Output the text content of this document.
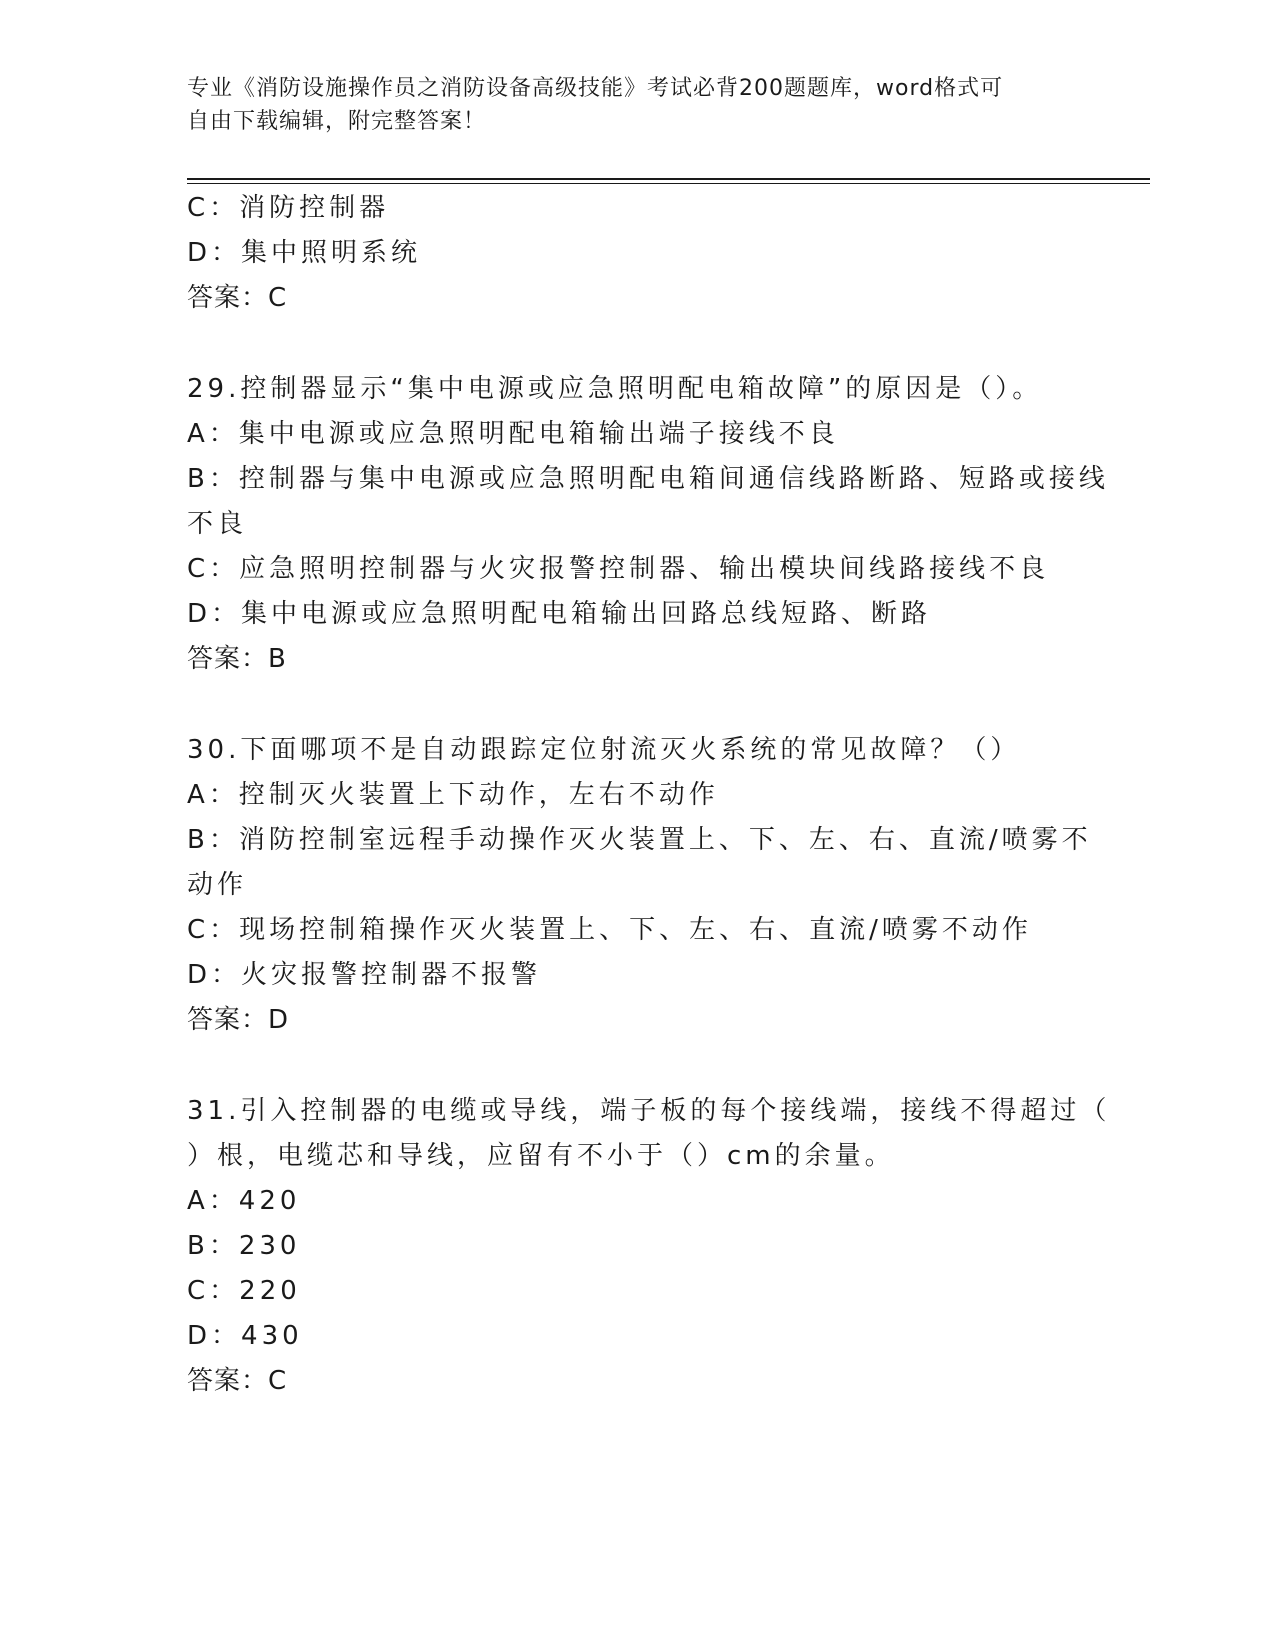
专业《消防设施操作员之消防设备高级技能》考试必背200题题库，word格式可
自由下载编辑，附完整答案！
C：消防控制器
D：集中照明系统
答案：C
29.控制器显示“集中电源或应急照明配电箱故障”的原因是（）。
A：集中电源或应急照明配电箱输出端子接线不良
B：控制器与集中电源或应急照明配电箱间通信线路断路、短路或接线
不良
C：应急照明控制器与火灾报警控制器、输出模块间线路接线不良
D：集中电源或应急照明配电箱输出回路总线短路、断路
答案：B
30.下面哪项不是自动跟踪定位射流灭火系统的常见故障？（）
A：控制灭火装置上下动作，左右不动作
B：消防控制室远程手动操作灭火装置上、下、左、右、直流/喷雾不
动作
C：现场控制箱操作灭火装置上、下、左、右、直流/喷雾不动作
D：火灾报警控制器不报警
答案：D
31.引入控制器的电缆或导线，端子板的每个接线端，接线不得超过（
）根，电缆芯和导线，应留有不小于（）cm的余量。
A：420
B：230
C：220
D：430
答案：C
